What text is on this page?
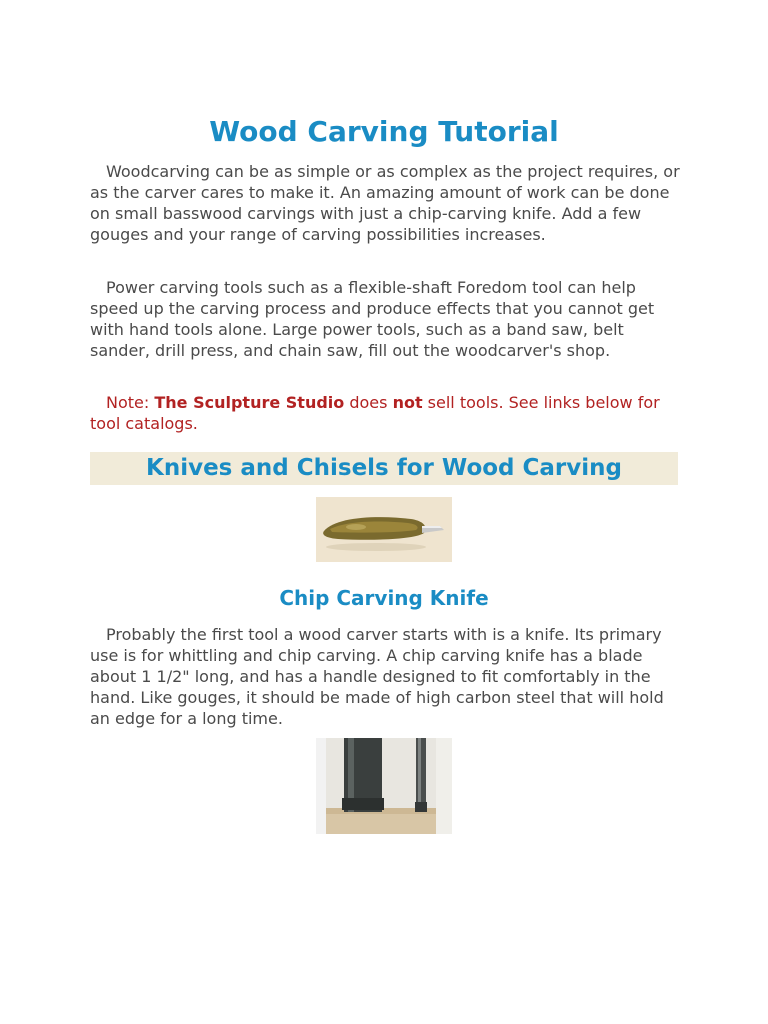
Wood Carving Tutorial

Woodcarving can be as simple or as complex as the project requires, or as the carver cares to make it. An amazing amount of work can be done on small basswood carvings with just a chip-carving knife. Add a few gouges and your range of carving possibilities increases.

Power carving tools such as a flexible-shaft Foredom tool can help speed up the carving process and produce effects that you cannot get with hand tools alone. Large power tools, such as a band saw, belt sander, drill press, and chain saw, fill out the woodcarver's shop.

Note: The Sculpture Studio does not sell tools. See links below for tool catalogs.

Knives and Chisels for Wood Carving
Chip Carving Knife

Probably the first tool a wood carver starts with is a knife. Its primary use is for whittling and chip carving. A chip carving knife has a blade about 1 1/2" long, and has a handle designed to fit comfortably in the hand. Like gouges, it should be made of high carbon steel that will hold an edge for a long time.
